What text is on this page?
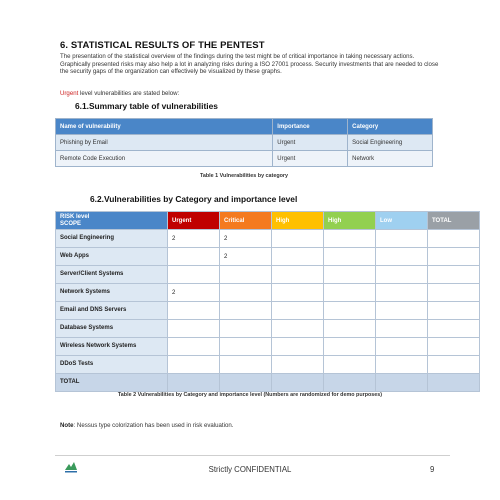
6. STATISTICAL RESULTS OF THE PENTEST

The presentation of the statistical overview of the findings during the test might be of critical importance in taking necessary actions. Graphically presented risks may also help a lot in analyzing risks during a ISO 27001 process. Security investments that are needed to close the security gaps of the organization can effectively be visualized by these graphs.

Urgent level vulnerabilities are stated below:

6.1.Summary table of vulnerabilities

Name of vulnerability	Importance	Category
Phishing by Email	Urgent	Social Engineering
Remote Code Execution	Urgent	Network

Table 1 Vulnerabilities by category

6.2.Vulnerabilities by Category and importance level

RISK level
SCOPE	Urgent	Critical	High	High	Low	TOTAL
Social Engineering	2	2				
Web Apps		2				
Server/Client Systems						
Network Systems	2					
Email and DNS Servers						
Database Systems						
Wireless Network Systems						
DDoS Tests						
TOTAL						

Table 2 Vulnerabilities by Category and importance level (Numbers are randomized for demo purposes)

Note: Nessus type colorization has been used in risk evaluation.

Strictly CONFIDENTIAL	9
